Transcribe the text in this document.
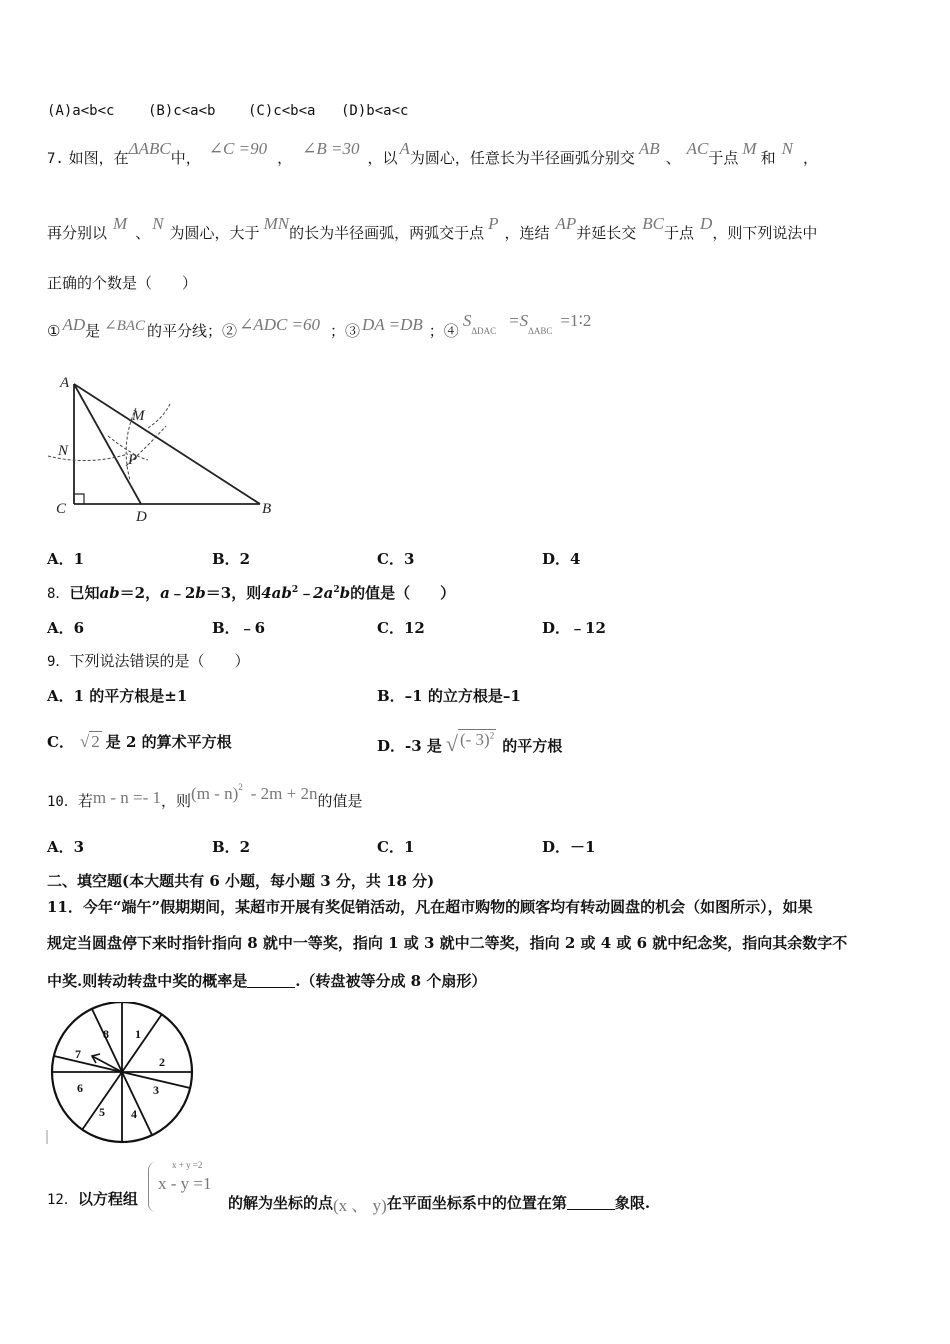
(A)a<b<c (B)c<a<b (C)c<b<a (D)b<a<c
7. 如图，在ΔABC中， ∠C =90 ， ∠B =30 ，以 A为圆心，任意长为半径画弧分别交 AB 、 AC于点 M 和 N ，
再分别以 M 、 N 为圆心，大于 MN的长为半径画弧，两弧交于点 P ，连结 AP并延长交 BC于点 D，则下列说法中
正确的个数是（　　）
① AD是 ∠BAC 的平分线；② ∠ADC =60 ；③ DA =DB ；④SΔDAC=SΔABC=1∶2
A
B
C	D
M
N
P
A．1	B．2	C．3	D．4
8．已知ab＝2，a﹣2b＝3，则$4ab^2﹣2a^2b$的值是（　　）
A．6	B．﹣6	C．12	D．﹣12
9．下列说法错误的是（　　）
A．1 的平方根是±1	B．–1 的立方根是–1
C． √ 2 是 2 的算术平方根	D．-3 是 √ (- 3)$^2$的平方根
10．若m - n =- 1，则(m - n)$^2$ - 2m + 2n的值是
A．3	B．2	C．1	D．－1
二、填空题(本大题共有 6 小题，每小题 3 分，共 18 分)
11．今年“端午”假期期间，某超市开展有奖促销活动，凡在超市购物的顾客均有转动圆盘的机会（如图所示），如果
规定当圆盘停下来时指针指向 8 就中一等奖，指向 1 或 3 就中二等奖，指向 2 或 4 或 6 就中纪念奖，指向其余数字不
中奖.则转动转盘中奖的概率是	.（转盘被等分成 8 个扇形）
1
2
3
4
5
6
7
8
12．以方程组
x + y =2
x - y =1
的解为坐标的点(x 、 y)在平面坐标系中的位置在第	象限.
